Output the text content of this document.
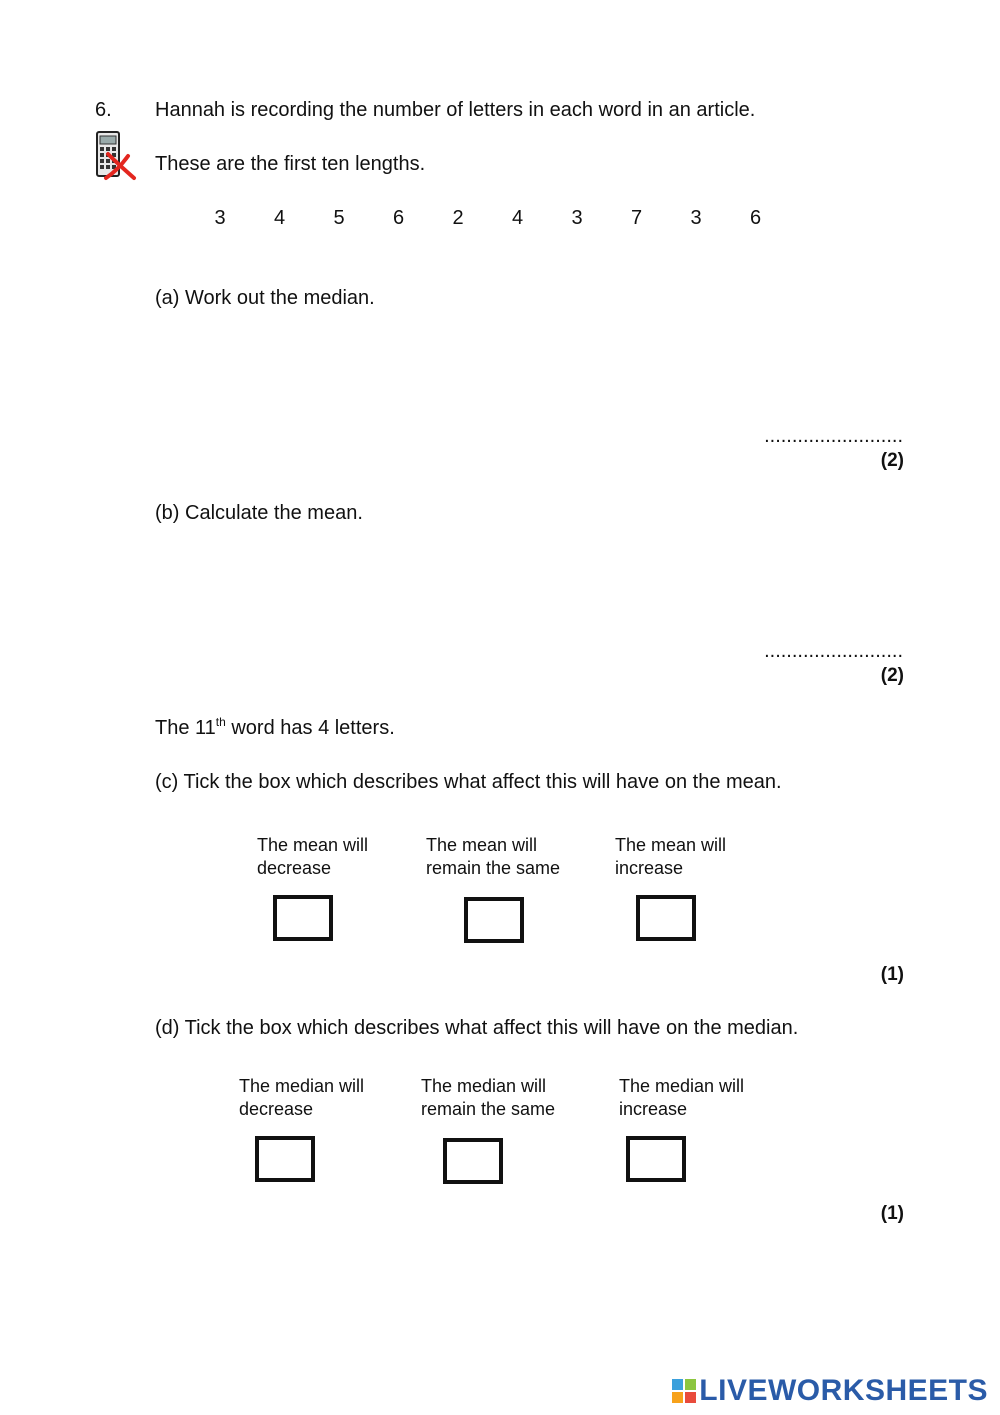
6. Hannah is recording the number of letters in each word in an article.
These are the first ten lengths.
3	4	5	6	2	4	3	7	3	6
(a) Work out the median.
.........................
(2)
(b) Calculate the mean.
.........................
(2)
The 11th word has 4 letters.
(c) Tick the box which describes what affect this will have on the mean.
The mean will
decrease
The mean will
remain the same
The mean will
increase
(1)
(d) Tick the box which describes what affect this will have on the median.
The median will
decrease
The median will
remain the same
The median will
increase
(1)
LIVEWORKSHEETS
